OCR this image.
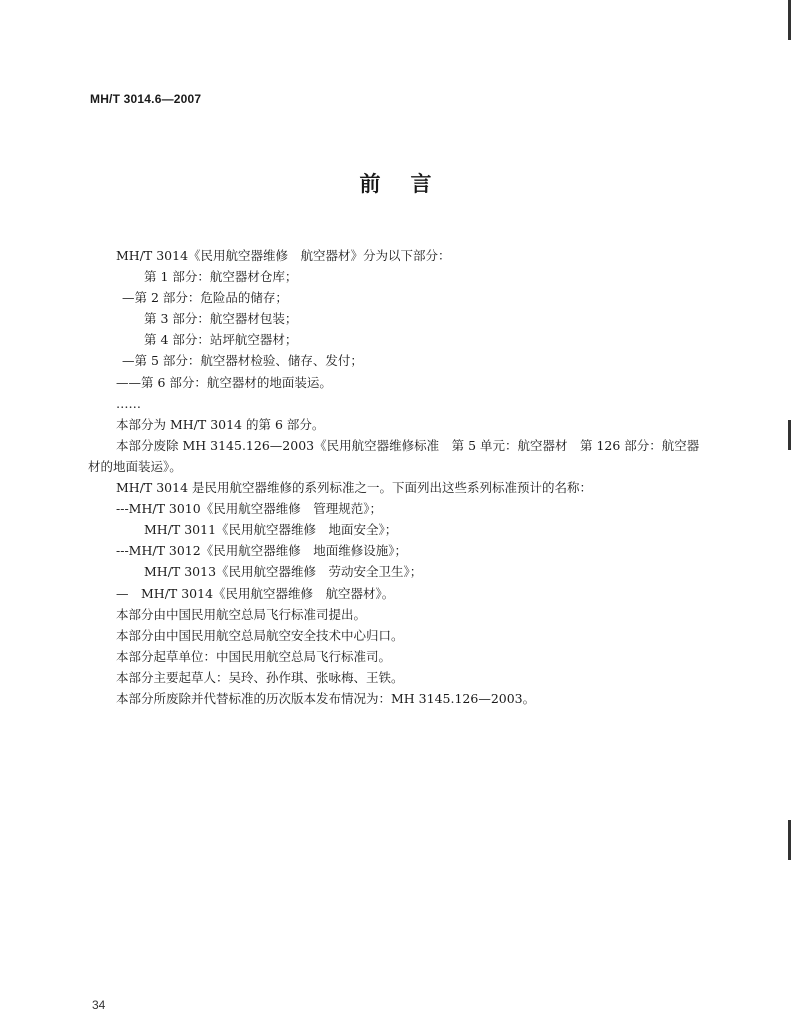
MH/T 3014.6—2007
前言
MH/T 3014《民用航空器维修　航空器材》分为以下部分：
第 1 部分：航空器材仓库；
—第 2 部分：危险品的储存；
第 3 部分：航空器材包装；
第 4 部分：站坪航空器材；
—第 5 部分：航空器材检验、储存、发付；
——第 6 部分：航空器材的地面装运。
……
本部分为 MH/T 3014 的第 6 部分。
本部分废除 MH 3145.126—2003《民用航空器维修标准　第 5 单元：航空器材　第 126 部分：航空器材的地面装运》。
MH/T 3014 是民用航空器维修的系列标准之一。下面列出这些系列标准预计的名称：
---MH/T 3010《民用航空器维修　管理规范》；
MH/T 3011《民用航空器维修　地面安全》；
---MH/T 3012《民用航空器维修　地面维修设施》；
MH/T 3013《民用航空器维修　劳动安全卫生》；
—　MH/T 3014《民用航空器维修　航空器材》。
本部分由中国民用航空总局飞行标准司提出。
本部分由中国民用航空总局航空安全技术中心归口。
本部分起草单位：中国民用航空总局飞行标准司。
本部分主要起草人：吴玲、孙作琪、张咏梅、王铁。
本部分所废除并代替标准的历次版本发布情况为：MH 3145.126—2003。
34
